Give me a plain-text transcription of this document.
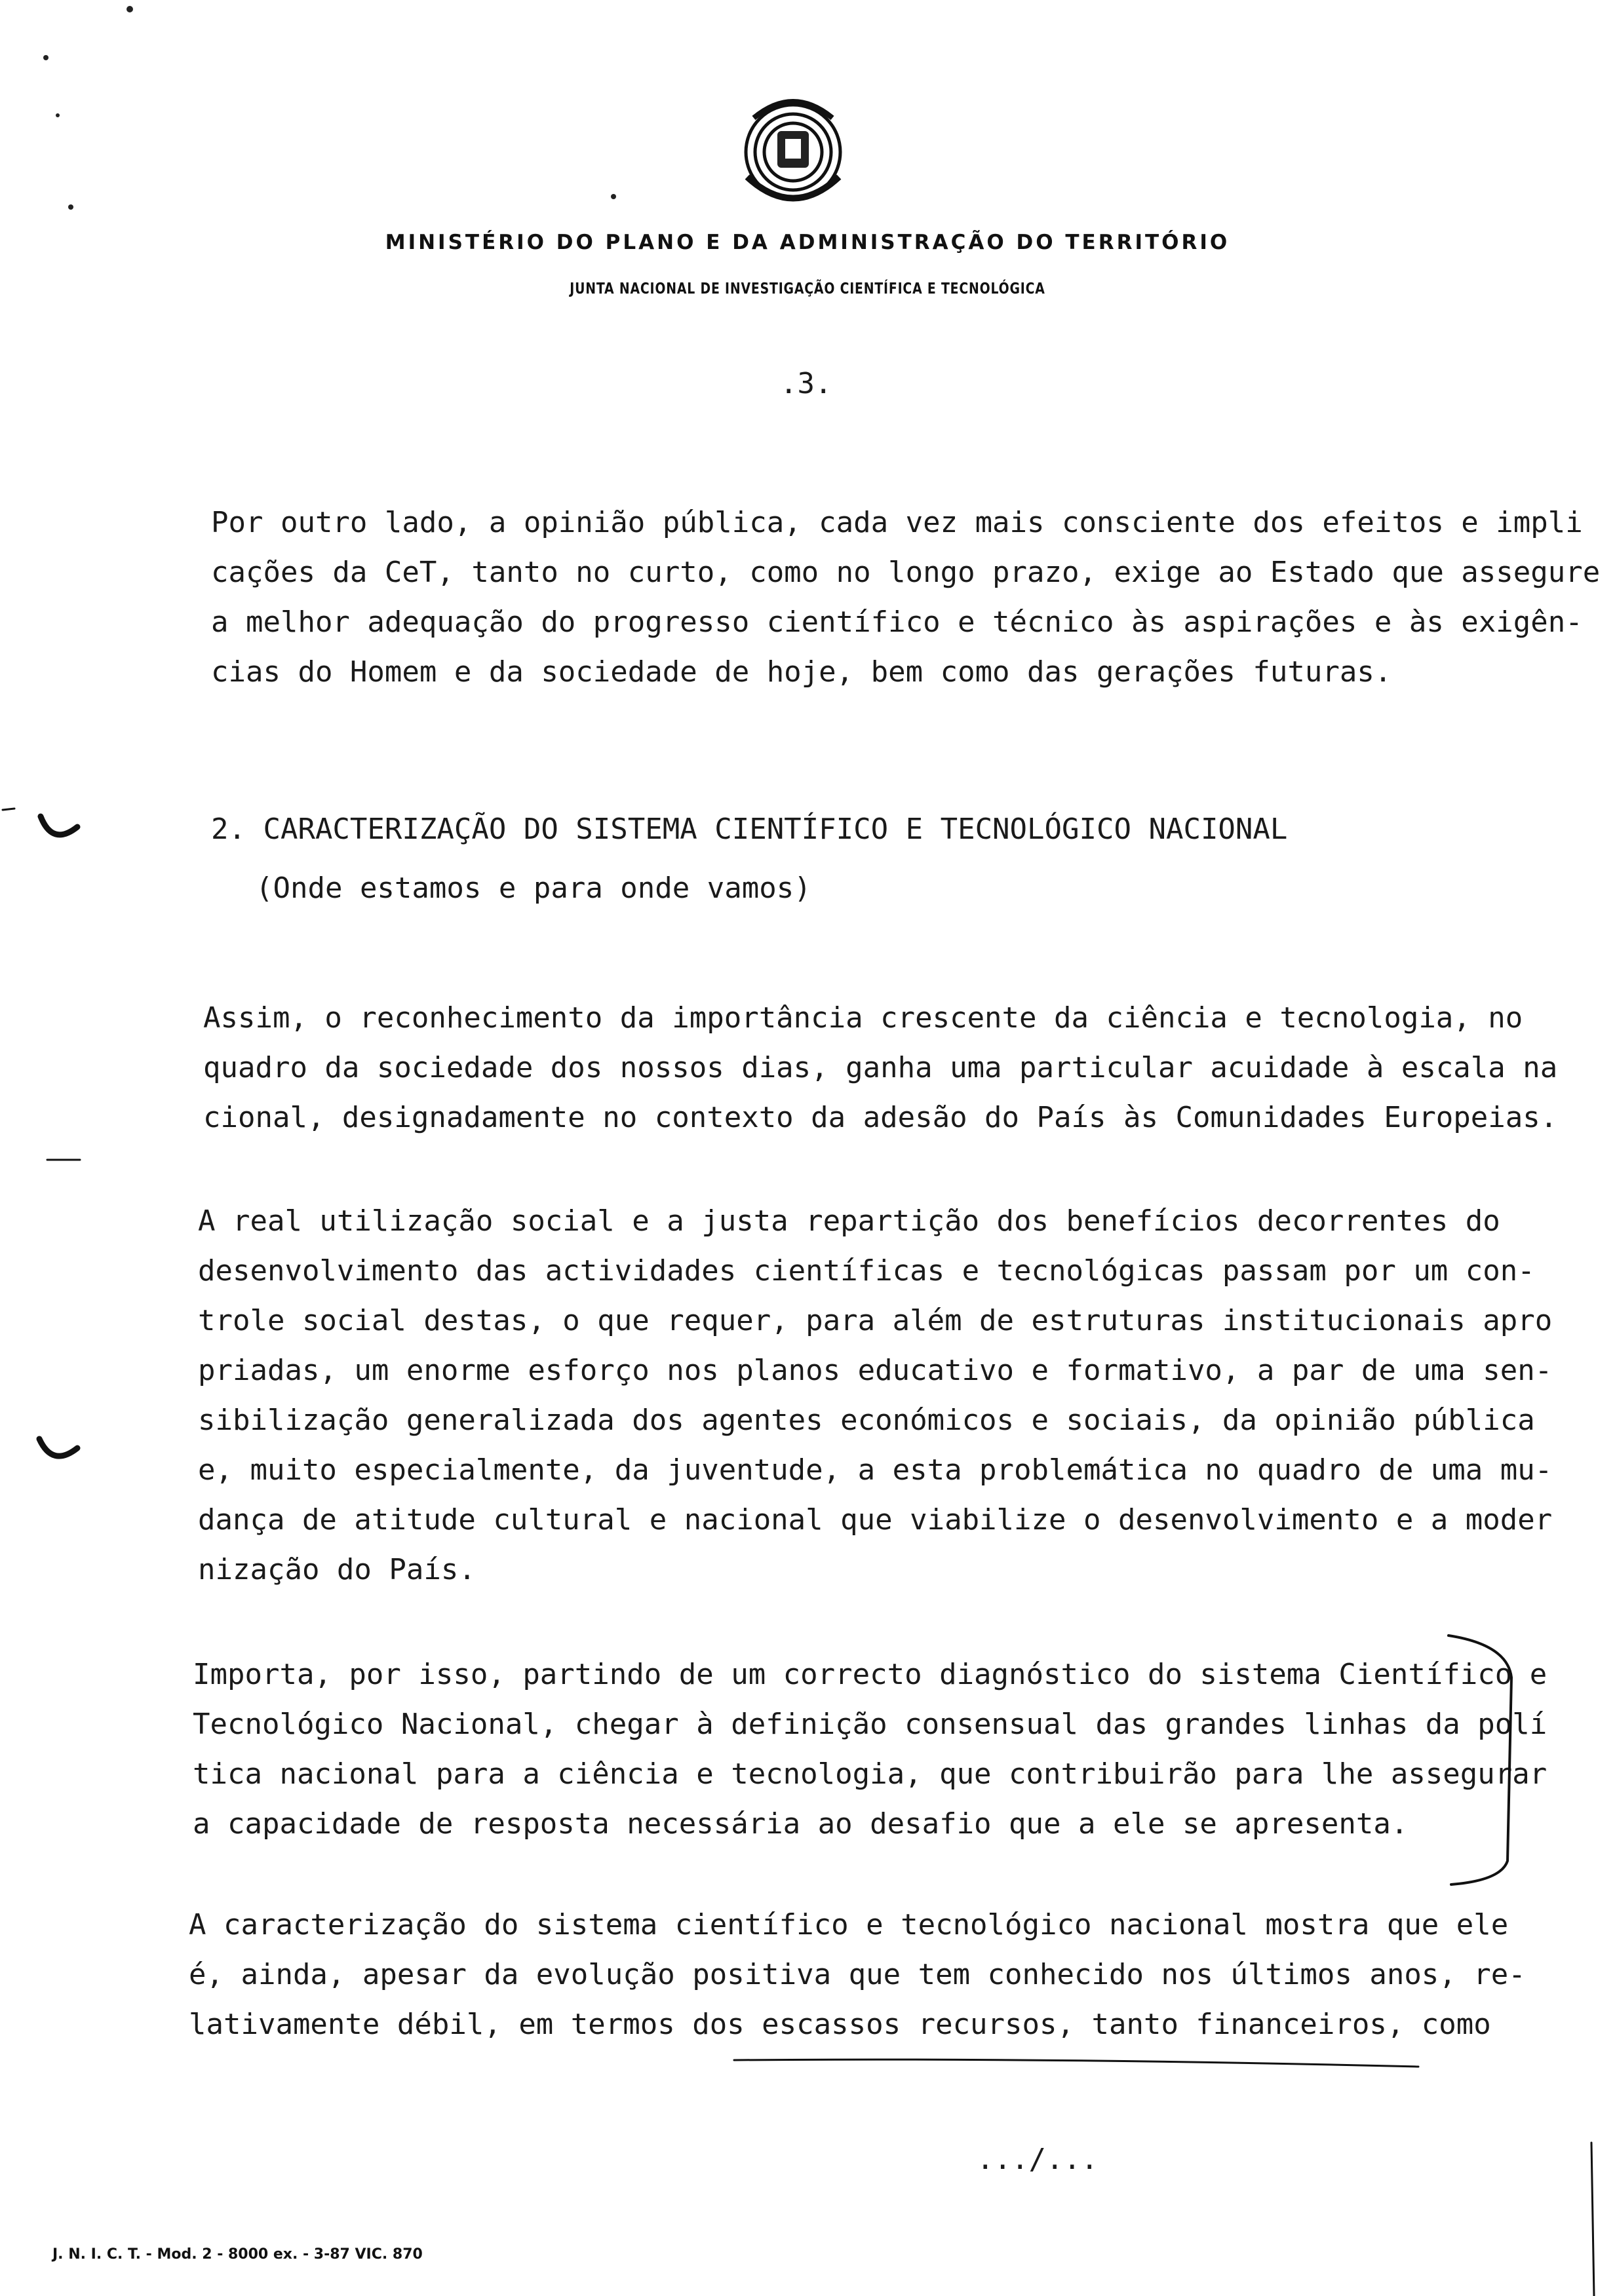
MINISTÉRIO DO PLANO E DA ADMINISTRAÇÃO DO TERRITÓRIO
JUNTA NACIONAL DE INVESTIGAÇÃO CIENTÍFICA E TECNOLÓGICA
.3.
Por outro lado, a opinião pública, cada vez mais consciente dos efeitos e impli
cações da CeT, tanto no curto, como no longo prazo, exige ao Estado que assegure
a melhor adequação do progresso científico e técnico às aspirações e às exigên-
cias do Homem e da sociedade de hoje, bem como das gerações futuras.
2. CARACTERIZAÇÃO DO SISTEMA CIENTÍFICO E TECNOLÓGICO NACIONAL
(Onde estamos e para onde vamos)
Assim, o reconhecimento da importância crescente da ciência e tecnologia, no
quadro da sociedade dos nossos dias, ganha uma particular acuidade à escala na
cional, designadamente no contexto da adesão do País às Comunidades Europeias.
A real utilização social e a justa repartição dos benefícios decorrentes do
desenvolvimento das actividades científicas e tecnológicas passam por um con-
trole social destas, o que requer, para além de estruturas institucionais apro
priadas, um enorme esforço nos planos educativo e formativo, a par de uma sen-
sibilização generalizada dos agentes económicos e sociais, da opinião pública
e, muito especialmente, da juventude, a esta problemática no quadro de uma mu-
dança de atitude cultural e nacional que viabilize o desenvolvimento e a moder
nização do País.
Importa, por isso, partindo de um correcto diagnóstico do sistema Científico e
Tecnológico Nacional, chegar à definição consensual das grandes linhas da polí
tica nacional para a ciência e tecnologia, que contribuirão para lhe assegurar
a capacidade de resposta necessária ao desafio que a ele se apresenta.
A caracterização do sistema científico e tecnológico nacional mostra que ele
é, ainda, apesar da evolução positiva que tem conhecido nos últimos anos, re-
lativamente débil, em termos dos escassos recursos, tanto financeiros, como
.../...
J. N. I. C. T. - Mod. 2 - 8000 ex. - 3-87 VIC. 870
